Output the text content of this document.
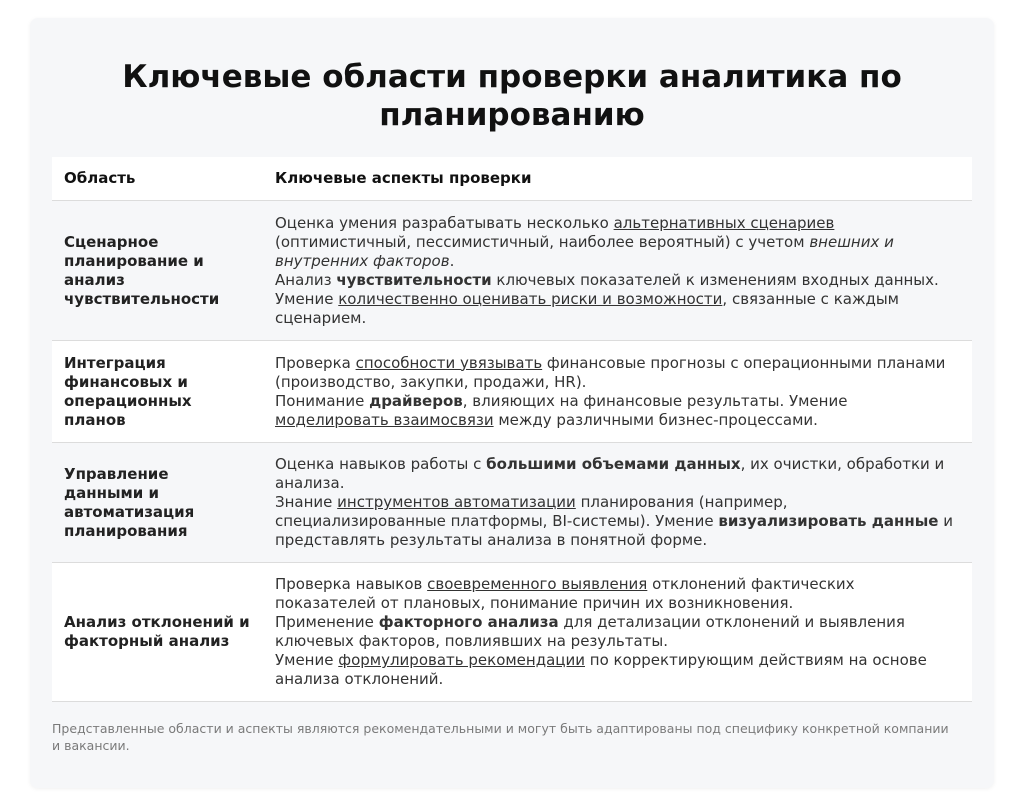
Ключевые области проверки аналитика по планированию
Область	Ключевые аспекты проверки
Сценарное планирование и анализ чувствительности	Оценка умения разрабатывать несколько альтернативных сценариев (оптимистичный, пессимистичный, наиболее вероятный) с учетом внешних и внутренних факторов.
Анализ чувствительности ключевых показателей к изменениям входных данных. Умение количественно оценивать риски и возможности, связанные с каждым сценарием.
Интеграция финансовых и операционных планов	Проверка способности увязывать финансовые прогнозы с операционными планами (производство, закупки, продажи, HR).
Понимание драйверов, влияющих на финансовые результаты. Умение моделировать взаимосвязи между различными бизнес-процессами.
Управление данными и автоматизация планирования	Оценка навыков работы с большими объемами данных, их очистки, обработки и анализа.
Знание инструментов автоматизации планирования (например, специализированные платформы, BI-системы). Умение визуализировать данные и представлять результаты анализа в понятной форме.
Анализ отклонений и факторный анализ	Проверка навыков своевременного выявления отклонений фактических показателей от плановых, понимание причин их возникновения.
Применение факторного анализа для детализации отклонений и выявления ключевых факторов, повлиявших на результаты.
Умение формулировать рекомендации по корректирующим действиям на основе анализа отклонений.
Представленные области и аспекты являются рекомендательными и могут быть адаптированы под специфику конкретной компании и вакансии.
